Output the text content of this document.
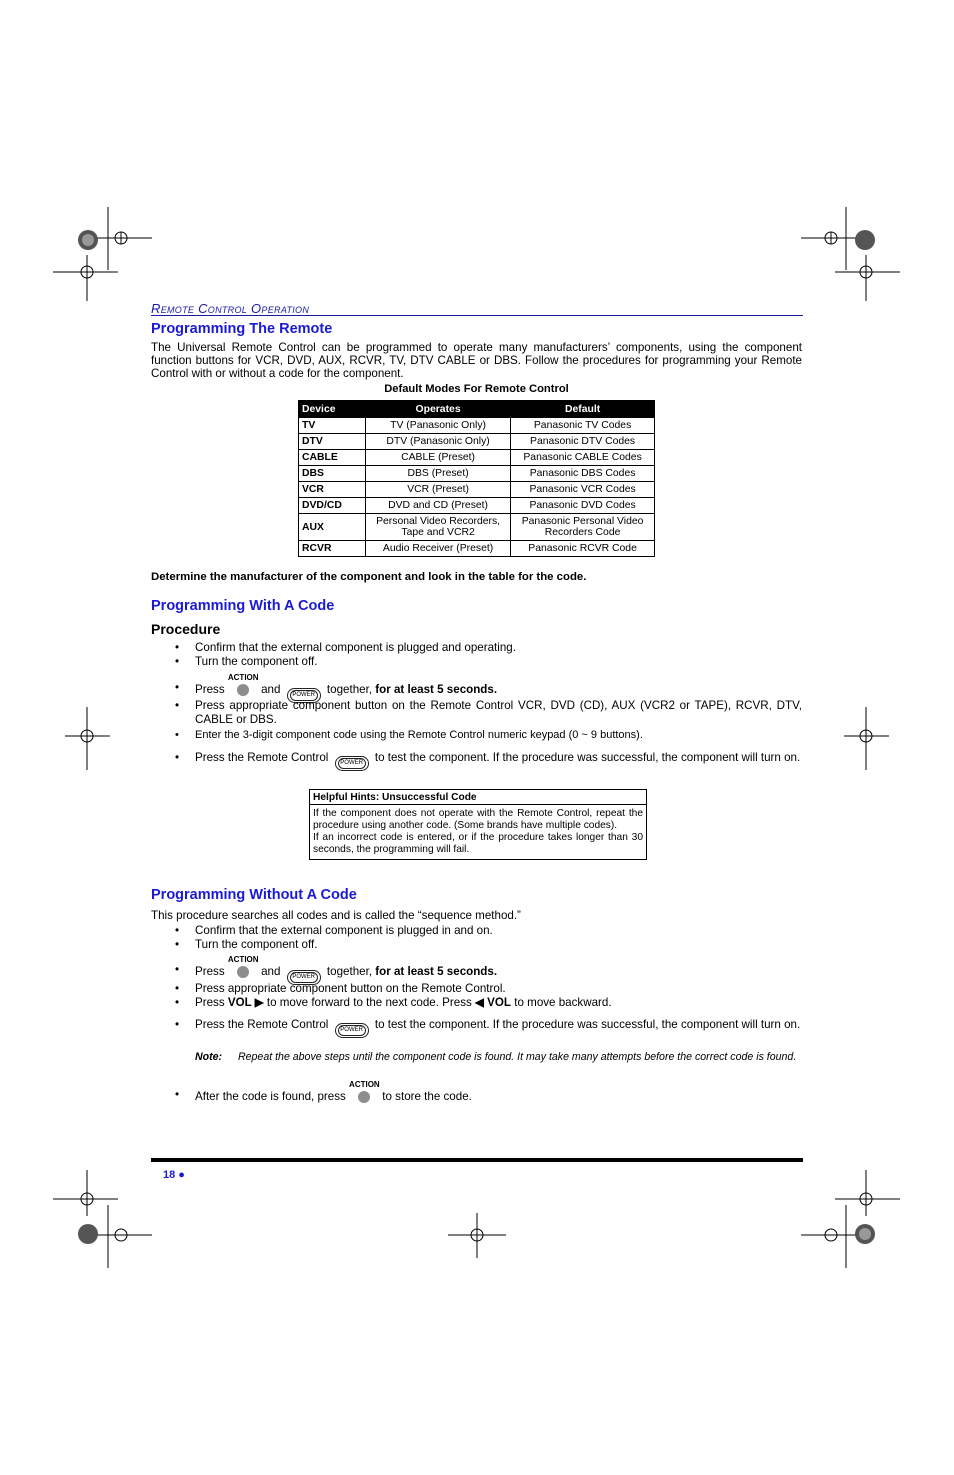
Remote Control Operation
Programming The Remote
The Universal Remote Control can be programmed to operate many manufacturers’ components, using the component function buttons for VCR, DVD, AUX, RCVR, TV, DTV CABLE or DBS. Follow the procedures for programming your Remote Control with or without a code for the component.
Default Modes For Remote Control
Device	Operates	Default
TV	TV (Panasonic Only)	Panasonic TV Codes
DTV	DTV (Panasonic Only)	Panasonic DTV Codes
CABLE	CABLE (Preset)	Panasonic CABLE Codes
DBS	DBS (Preset)	Panasonic DBS Codes
VCR	VCR (Preset)	Panasonic VCR Codes
DVD/CD	DVD and CD (Preset)	Panasonic DVD Codes
AUX	Personal Video Recorders, Tape and VCR2	Panasonic Personal Video Recorders Code
RCVR	Audio Receiver (Preset)	Panasonic RCVR Code
Determine the manufacturer of the component and look in the table for the code.
Programming With A Code
Procedure
• Confirm that the external component is plugged and operating.
• Turn the component off.
• Press
ACTION
and POWER together, for at least 5 seconds.
• Press appropriate component button on the Remote Control VCR, DVD (CD), AUX (VCR2 or TAPE), RCVR, DTV, CABLE or DBS.
• Enter the 3-digit component code using the Remote Control numeric keypad (0 ~ 9 buttons).
• Press the Remote Control POWER to test the component. If the procedure was successful, the component will turn on.
Helpful Hints: Unsuccessful Code
If the component does not operate with the Remote Control, repeat the procedure using another code. (Some brands have multiple codes).
If an incorrect code is entered, or if the procedure takes longer than 30 seconds, the programming will fail.
Programming Without A Code
This procedure searches all codes and is called the “sequence method.”
• Confirm that the external component is plugged in and on.
• Turn the component off.
• Press
ACTION
and POWER together, for at least 5 seconds.
• Press appropriate component button on the Remote Control.
• Press VOL ▶ to move forward to the next code. Press ◀ VOL to move backward.
• Press the Remote Control POWER to test the component. If the procedure was successful, the component will turn on.
Note: Repeat the above steps until the component code is found. It may take many attempts before the correct code is found.
• After the code is found, press
ACTION
to store the code.
18 ●
